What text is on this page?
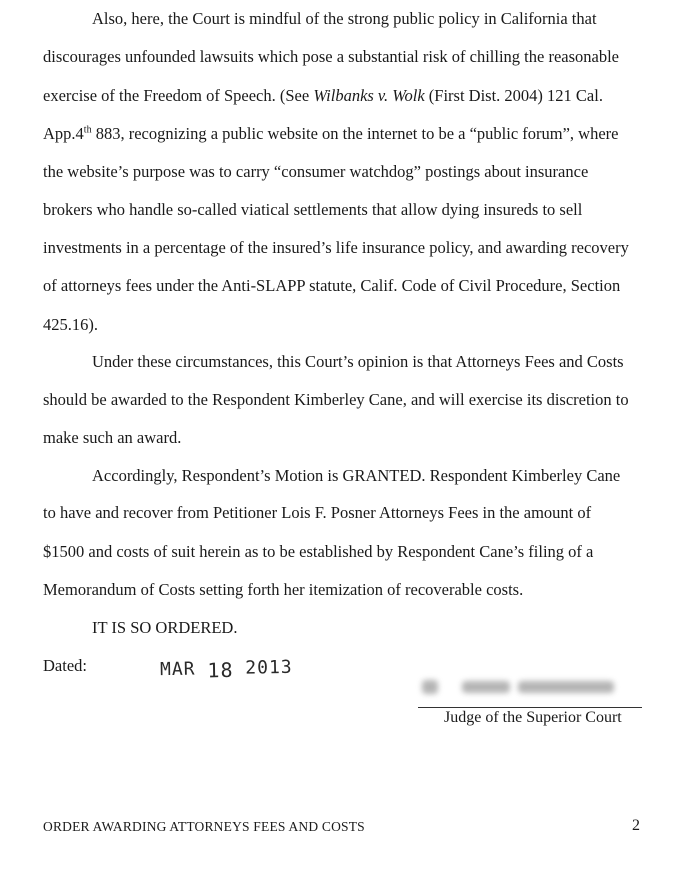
Also, here, the Court is mindful of the strong public policy in California that
discourages unfounded lawsuits which pose a substantial risk of chilling the reasonable
exercise of the Freedom of Speech. (See Wilbanks v. Wolk (First Dist. 2004) 121 Cal.
App.4th 883, recognizing a public website on the internet to be a “public forum”, where
the website’s purpose was to carry “consumer watchdog” postings about insurance
brokers who handle so-called viatical settlements that allow dying insureds to sell
investments in a percentage of the insured’s life insurance policy, and awarding recovery
of attorneys fees under the Anti-SLAPP statute, Calif. Code of Civil Procedure, Section
425.16).
Under these circumstances, this Court’s opinion is that Attorneys Fees and Costs
should be awarded to the Respondent Kimberley Cane, and will exercise its discretion to
make such an award.
Accordingly, Respondent’s Motion is GRANTED. Respondent Kimberley Cane
to have and recover from Petitioner Lois F. Posner Attorneys Fees in the amount of
$1500 and costs of suit herein as to be established by Respondent Cane’s filing of a
Memorandum of Costs setting forth her itemization of recoverable costs.
IT IS SO ORDERED.
Dated:	MAR 18 2013
Judge of the Superior Court
ORDER AWARDING ATTORNEYS FEES AND COSTS	2
